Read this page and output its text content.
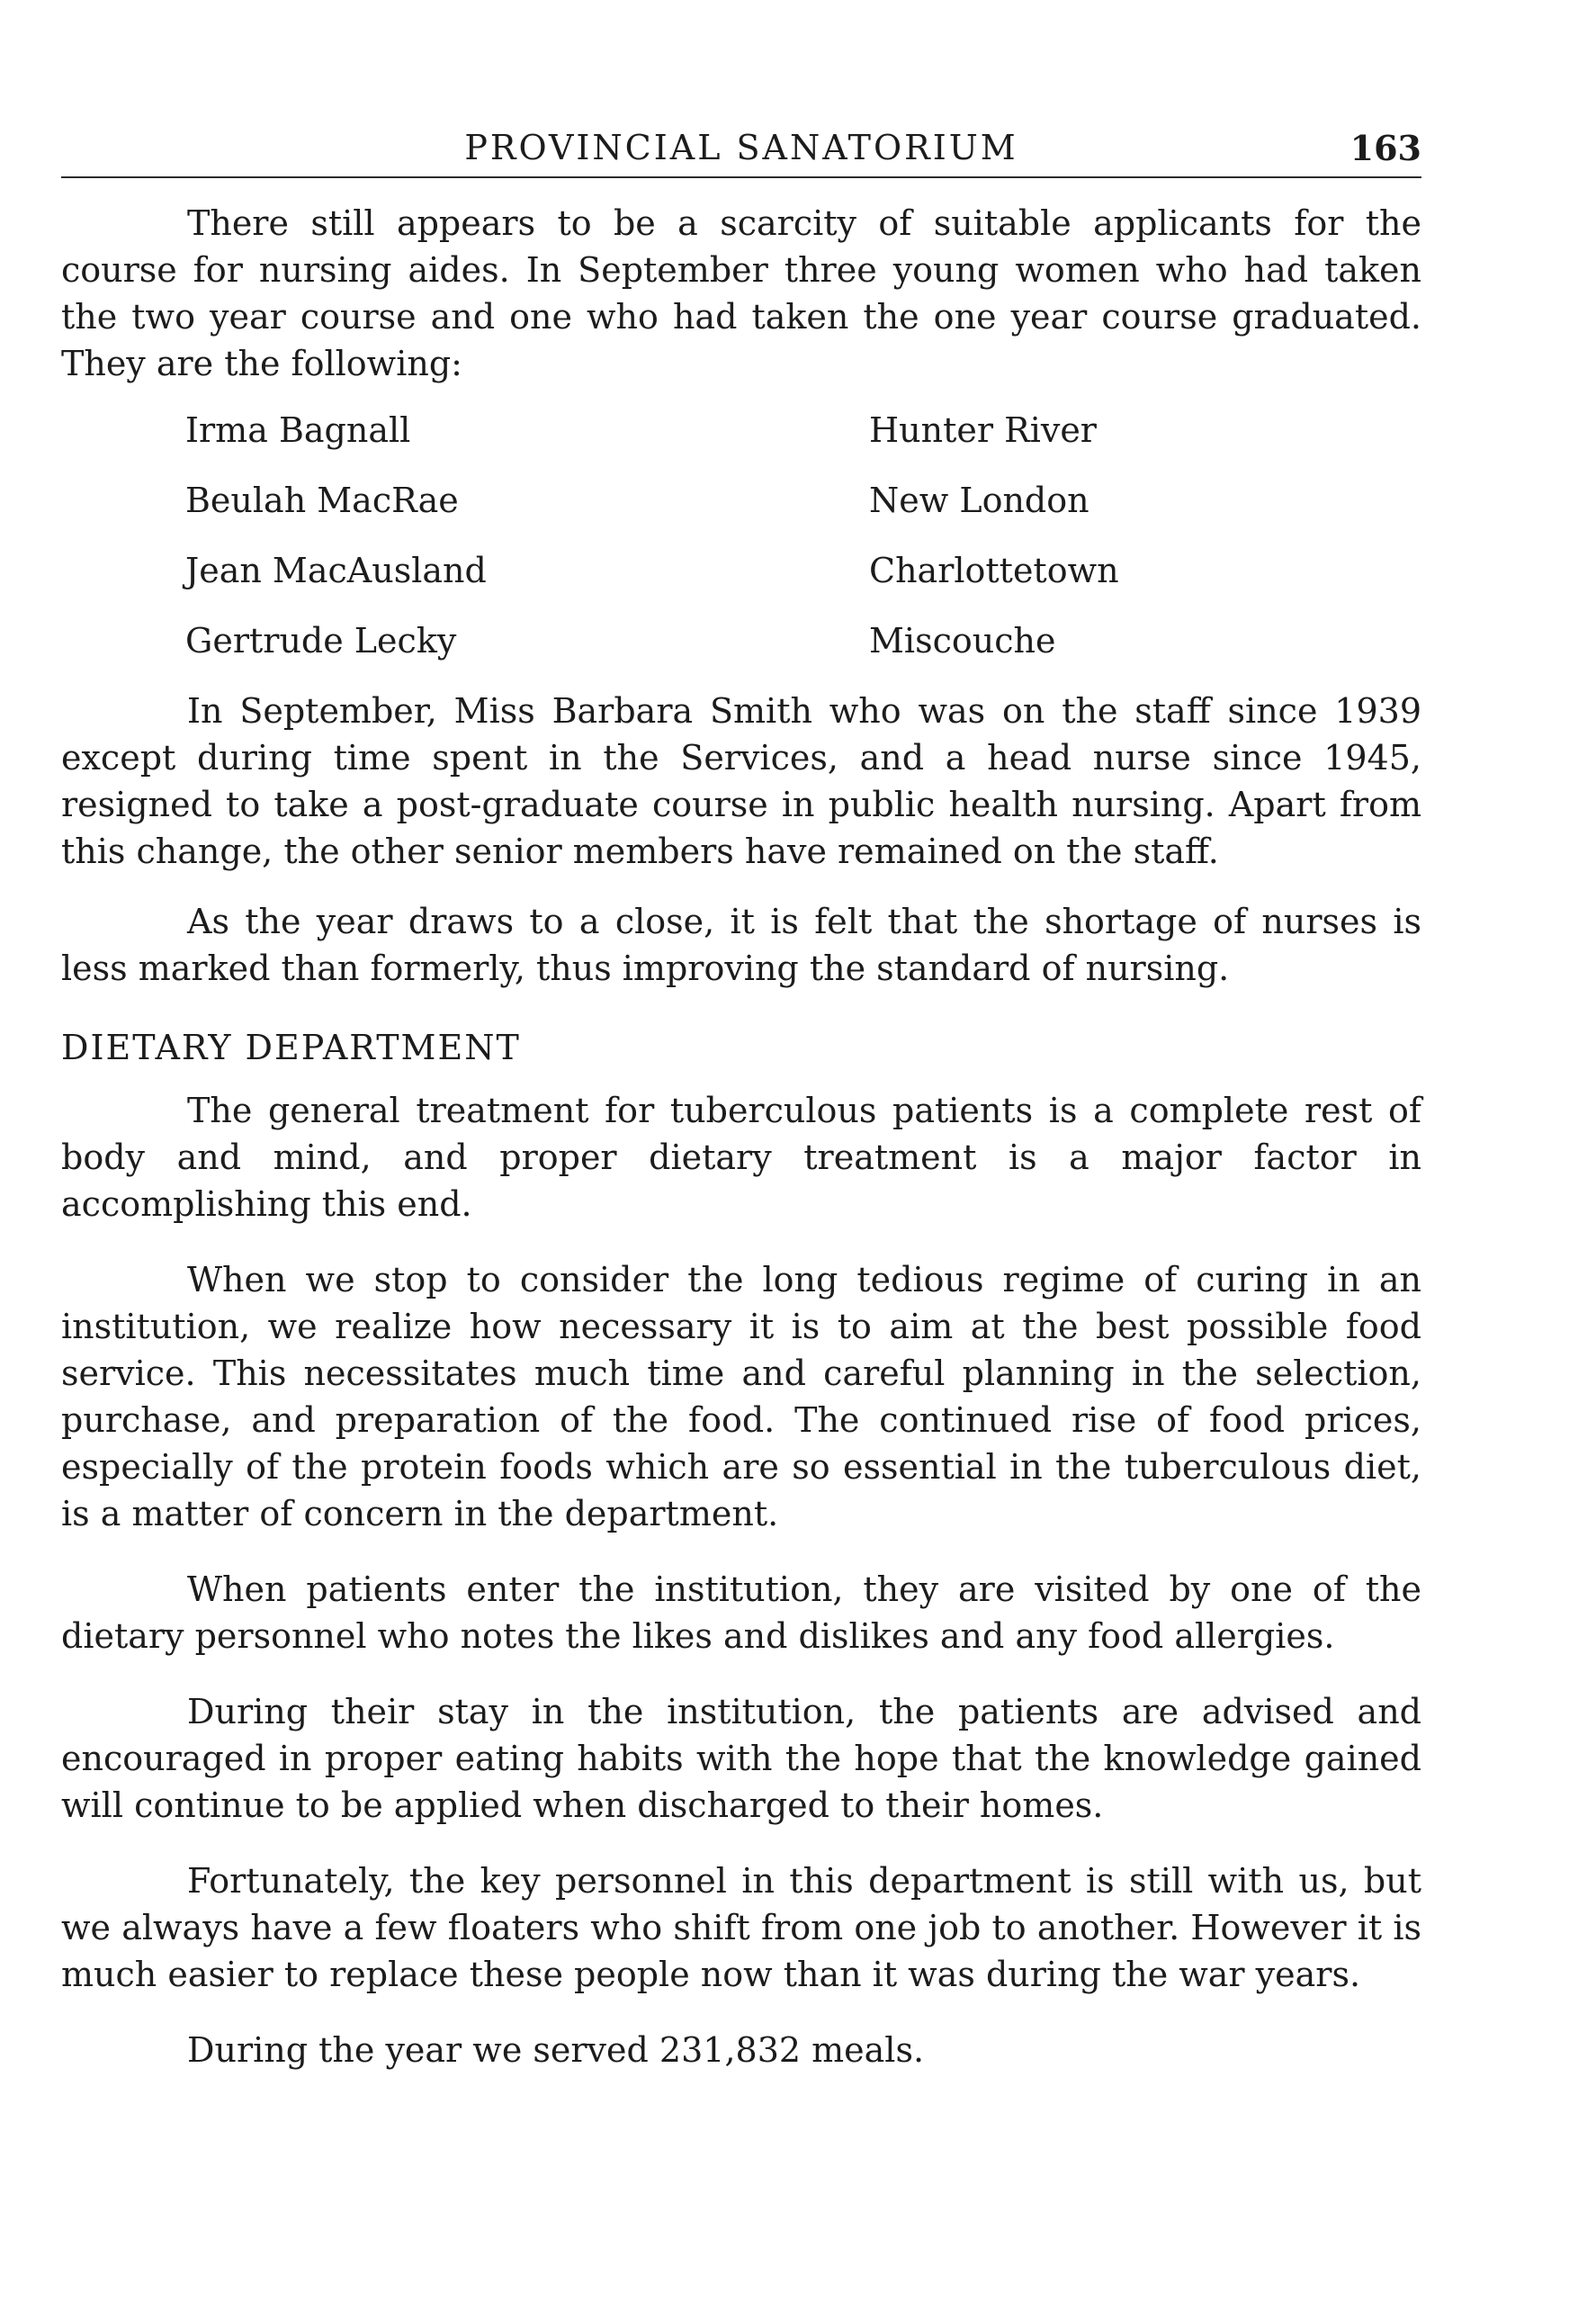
PROVINCIAL SANATORIUM	163

There still appears to be a scarcity of suitable applicants for the course for nursing aides. In September three young women who had taken the two year course and one who had taken the one year course graduated. They are the following:

Irma Bagnall	Hunter River
Beulah MacRae	New London
Jean MacAusland	Charlottetown
Gertrude Lecky	Miscouche

In September, Miss Barbara Smith who was on the staff since 1939 except during time spent in the Services, and a head nurse since 1945, resigned to take a post-graduate course in public health nursing. Apart from this change, the other senior members have remained on the staff.

As the year draws to a close, it is felt that the shortage of nurses is less marked than formerly, thus improving the standard of nursing.

DIETARY DEPARTMENT

The general treatment for tuberculous patients is a complete rest of body and mind, and proper dietary treatment is a major factor in accomplishing this end.

When we stop to consider the long tedious regime of curing in an institution, we realize how necessary it is to aim at the best possible food service. This necessitates much time and careful planning in the selection, purchase, and preparation of the food. The continued rise of food prices, especially of the protein foods which are so essential in the tuberculous diet, is a matter of concern in the department.

When patients enter the institution, they are visited by one of the dietary personnel who notes the likes and dislikes and any food allergies.

During their stay in the institution, the patients are advised and encouraged in proper eating habits with the hope that the knowledge gained will continue to be applied when discharged to their homes.

Fortunately, the key personnel in this department is still with us, but we always have a few floaters who shift from one job to another. However it is much easier to replace these people now than it was during the war years.

During the year we served 231,832 meals.
